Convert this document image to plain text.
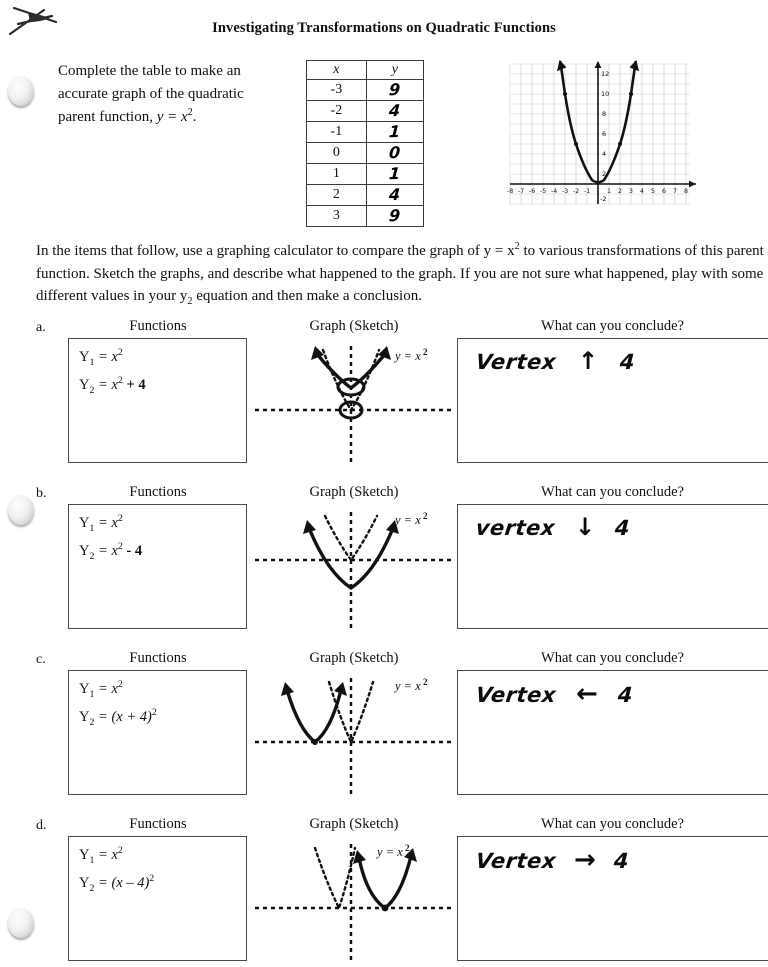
Investigating Transformations on Quadratic Functions
Complete the table to make an
accurate graph of the quadratic
parent function, $y = x^2$.
x	y
-3	9
-2	4
-1	1
0	0
1	1
2	4
3	9
12
10
8
6
4
2
-2
-8 -7 -6 -5 -4 -3 -2 -1	1 2 3 4 5 6 7 8
In the items that follow, use a graphing calculator to compare the graph of $y = x^2$ to various transformations of this parent function. Sketch the graphs, and describe what happened to the graph. If you are not sure what happened, play with some different values in your $y_2$ equation and then make a conclusion.
a.	Functions	Graph (Sketch)	What can you conclude?
$Y_1 = x^2$
$Y_2 = x^2 + 4$
y = x 2 Vertex ↑ 4
b.	Functions	Graph (Sketch)	What can you conclude?
$Y_1 = x^2$
$Y_2 = x^2 - 4$
y = x 2 vertex ↓ 4
c.	Functions	Graph (Sketch)	What can you conclude?
$Y_1 = x^2$
$Y_2 = (x + 4)^2$
y = x 2
Vertex ← 4
d.	Functions	Graph (Sketch)	What can you conclude?
$Y_1 = x^2$
$Y_2 = (x - 4)^2$
y = x 2
Vertex → 4
